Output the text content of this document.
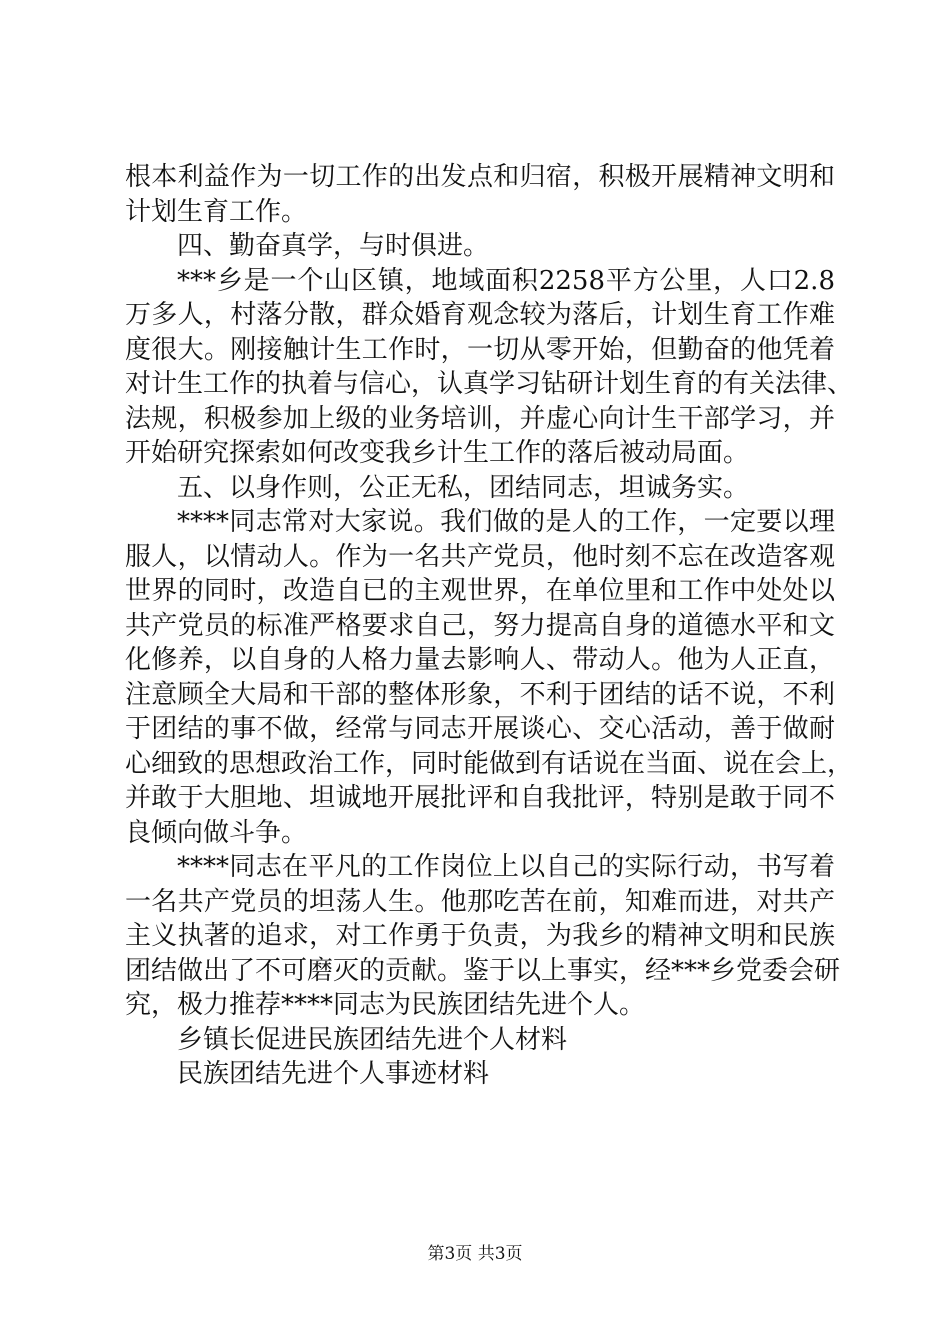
根本利益作为一切工作的出发点和归宿，积极开展精神文明和
计划生育工作。
四、勤奋真学，与时俱进。
***乡是一个山区镇，地域面积2258平方公里，人口2.8
万多人，村落分散，群众婚育观念较为落后，计划生育工作难
度很大。刚接触计生工作时，一切从零开始，但勤奋的他凭着
对计生工作的执着与信心，认真学习钻研计划生育的有关法律、
法规，积极参加上级的业务培训，并虚心向计生干部学习，并
开始研究探索如何改变我乡计生工作的落后被动局面。
五、以身作则，公正无私，团结同志，坦诚务实。
****同志常对大家说。我们做的是人的工作，一定要以理
服人，以情动人。作为一名共产党员，他时刻不忘在改造客观
世界的同时，改造自已的主观世界，在单位里和工作中处处以
共产党员的标准严格要求自己，努力提高自身的道德水平和文
化修养，以自身的人格力量去影响人、带动人。他为人正直，
注意顾全大局和干部的整体形象，不利于团结的话不说，不利
于团结的事不做，经常与同志开展谈心、交心活动，善于做耐
心细致的思想政治工作，同时能做到有话说在当面、说在会上，
并敢于大胆地、坦诚地开展批评和自我批评，特别是敢于同不
良倾向做斗争。
****同志在平凡的工作岗位上以自己的实际行动，书写着
一名共产党员的坦荡人生。他那吃苦在前，知难而进，对共产
主义执著的追求，对工作勇于负责，为我乡的精神文明和民族
团结做出了不可磨灭的贡献。鉴于以上事实，经***乡党委会研
究，极力推荐****同志为民族团结先进个人。
乡镇长促进民族团结先进个人材料
民族团结先进个人事迹材料
第3页 共3页
